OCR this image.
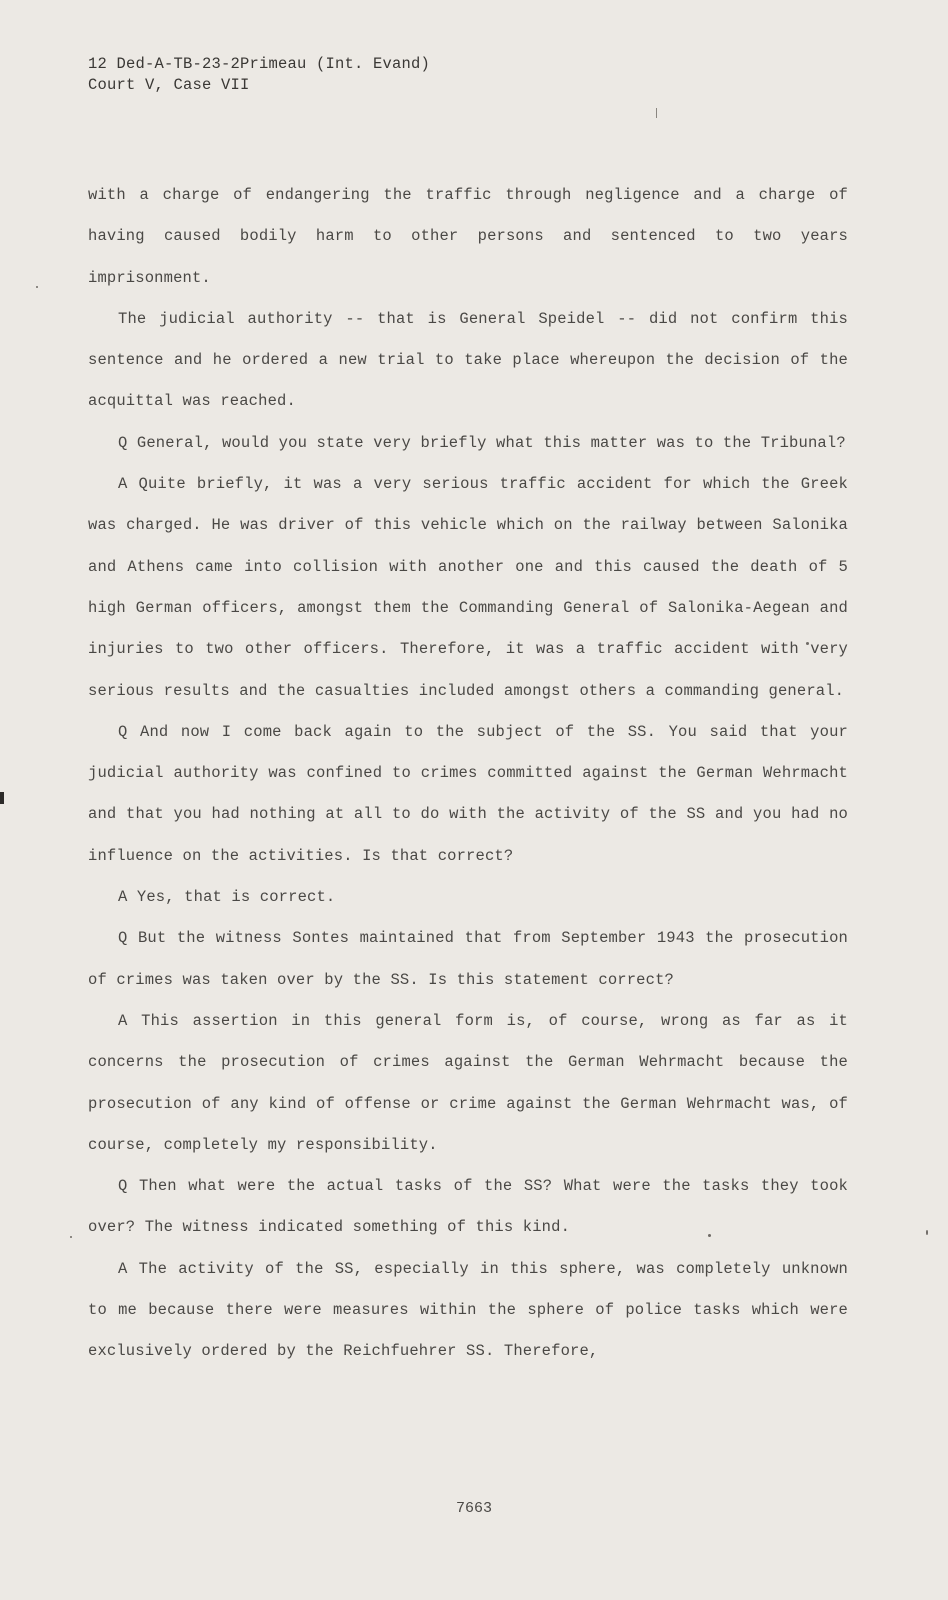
12 Ded-A-TB-23-2Primeau (Int. Evand)
Court V, Case VII

with a charge of endangering the traffic through negligence and a charge of having caused bodily harm to other persons and sentenced to two years imprisonment.

The judicial authority -- that is General Speidel -- did not confirm this sentence and he ordered a new trial to take place whereupon the decision of the acquittal was reached.

Q General, would you state very briefly what this matter was to the Tribunal?

A Quite briefly, it was a very serious traffic accident for which the Greek was charged. He was driver of this vehicle which on the railway between Salonika and Athens came into collision with another one and this caused the death of 5 high German officers, amongst them the Commanding General of Salonika-Aegean and injuries to two other officers. Therefore, it was a traffic accident with very serious results and the casualties included amongst others a commanding general.

Q And now I come back again to the subject of the SS. You said that your judicial authority was confined to crimes committed against the German Wehrmacht and that you had nothing at all to do with the activity of the SS and you had no influence on the activities. Is that correct?

A Yes, that is correct.

Q But the witness Sontes maintained that from September 1943 the prosecution of crimes was taken over by the SS. Is this statement correct?

A This assertion in this general form is, of course, wrong as far as it concerns the prosecution of crimes against the German Wehrmacht because the prosecution of any kind of offense or crime against the German Wehrmacht was, of course, completely my responsibility.

Q Then what were the actual tasks of the SS? What were the tasks they took over? The witness indicated something of this kind.

A The activity of the SS, especially in this sphere, was completely unknown to me because there were measures within the sphere of police tasks which were exclusively ordered by the Reichfuehrer SS. Therefore,

7663
